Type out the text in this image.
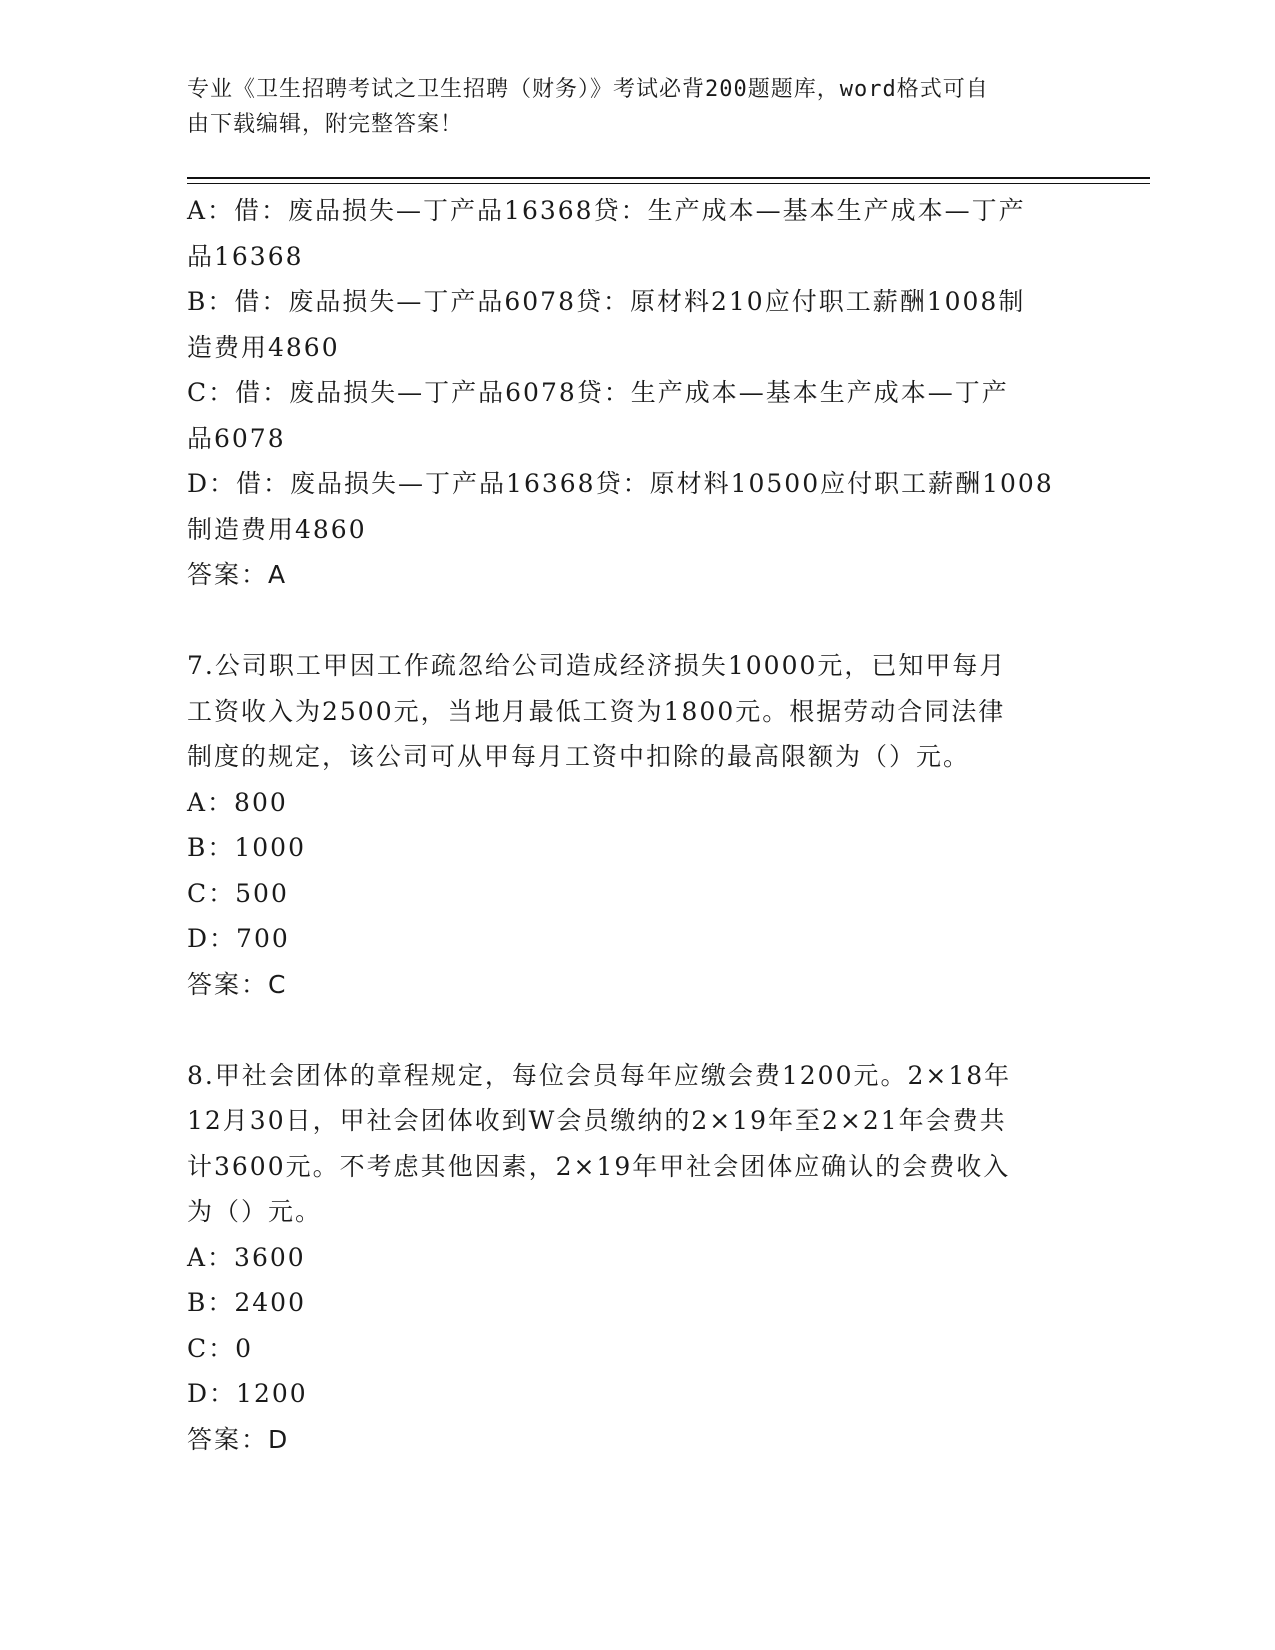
专业《卫生招聘考试之卫生招聘（财务）》考试必背200题题库，word格式可自
由下载编辑，附完整答案！
A：借：废品损失—丁产品16368贷：生产成本—基本生产成本—丁产
品16368
B：借：废品损失—丁产品6078贷：原材料210应付职工薪酬1008制
造费用4860
C：借：废品损失—丁产品6078贷：生产成本—基本生产成本—丁产
品6078
D：借：废品损失—丁产品16368贷：原材料10500应付职工薪酬1008
制造费用4860
答案：A
7.公司职工甲因工作疏忽给公司造成经济损失10000元，已知甲每月
工资收入为2500元，当地月最低工资为1800元。根据劳动合同法律
制度的规定，该公司可从甲每月工资中扣除的最高限额为（）元。
A：800
B：1000
C：500
D：700
答案：C
8.甲社会团体的章程规定，每位会员每年应缴会费1200元。2×18年
12月30日，甲社会团体收到W会员缴纳的2×19年至2×21年会费共
计3600元。不考虑其他因素，2×19年甲社会团体应确认的会费收入
为（）元。
A：3600
B：2400
C：0
D：1200
答案：D
